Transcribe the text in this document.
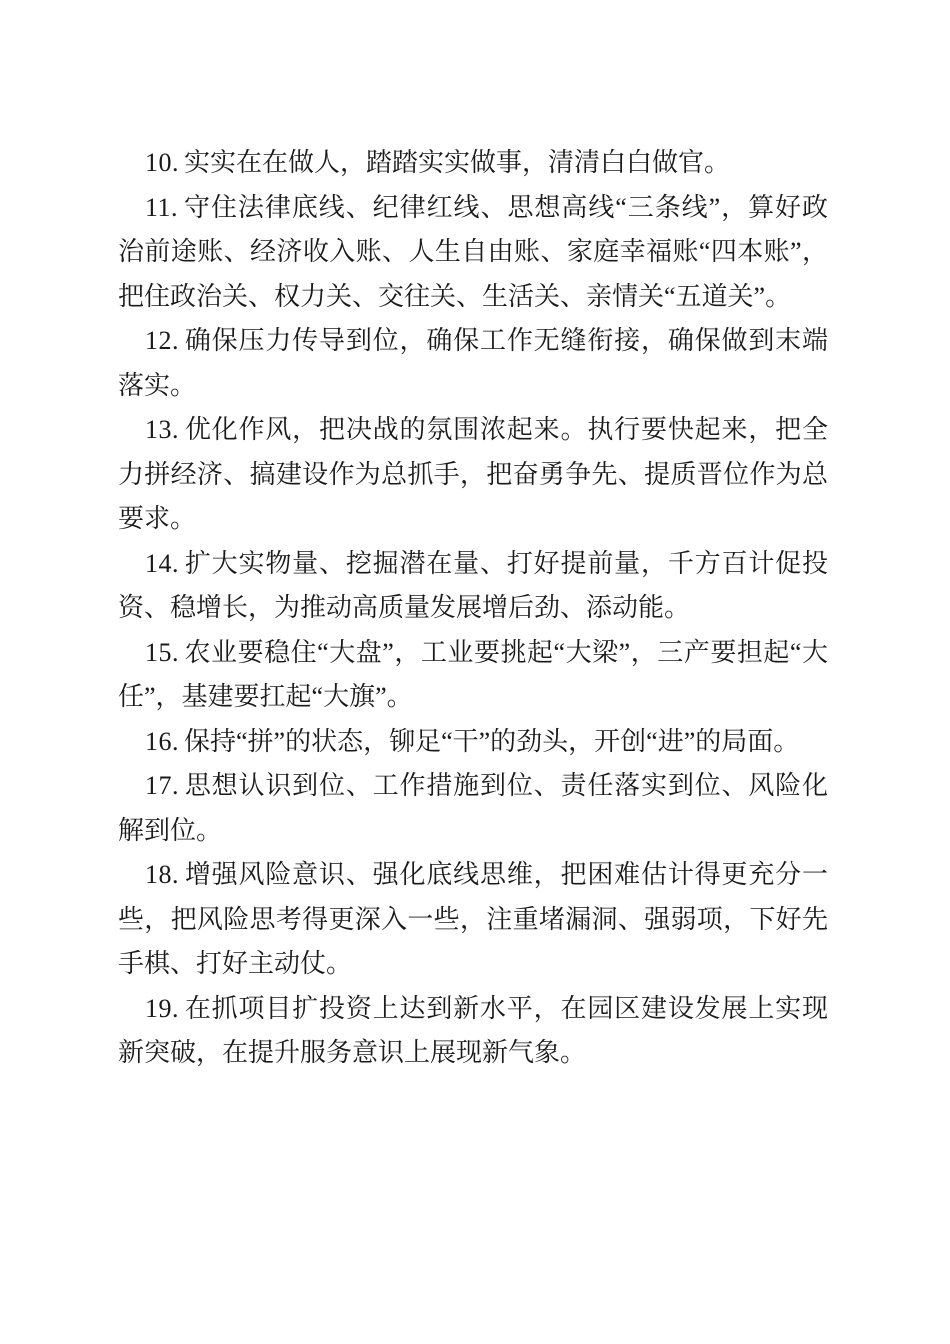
10. 实实在在做人，踏踏实实做事，清清白白做官。

11. 守住法律底线、纪律红线、思想高线“三条线”，算好政治前途账、经济收入账、人生自由账、家庭幸福账“四本账”，把住政治关、权力关、交往关、生活关、亲情关“五道关”。

12. 确保压力传导到位，确保工作无缝衔接，确保做到末端落实。

13. 优化作风，把决战的氛围浓起来。执行要快起来，把全力拼经济、搞建设作为总抓手，把奋勇争先、提质晋位作为总要求。

14. 扩大实物量、挖掘潜在量、打好提前量，千方百计促投资、稳增长，为推动高质量发展增后劲、添动能。

15. 农业要稳住“大盘”，工业要挑起“大梁”，三产要担起“大任”，基建要扛起“大旗”。

16. 保持“拼”的状态，铆足“干”的劲头，开创“进”的局面。

17. 思想认识到位、工作措施到位、责任落实到位、风险化解到位。

18. 增强风险意识、强化底线思维，把困难估计得更充分一些，把风险思考得更深入一些，注重堵漏洞、强弱项，下好先手棋、打好主动仗。

19. 在抓项目扩投资上达到新水平，在园区建设发展上实现新突破，在提升服务意识上展现新气象。
